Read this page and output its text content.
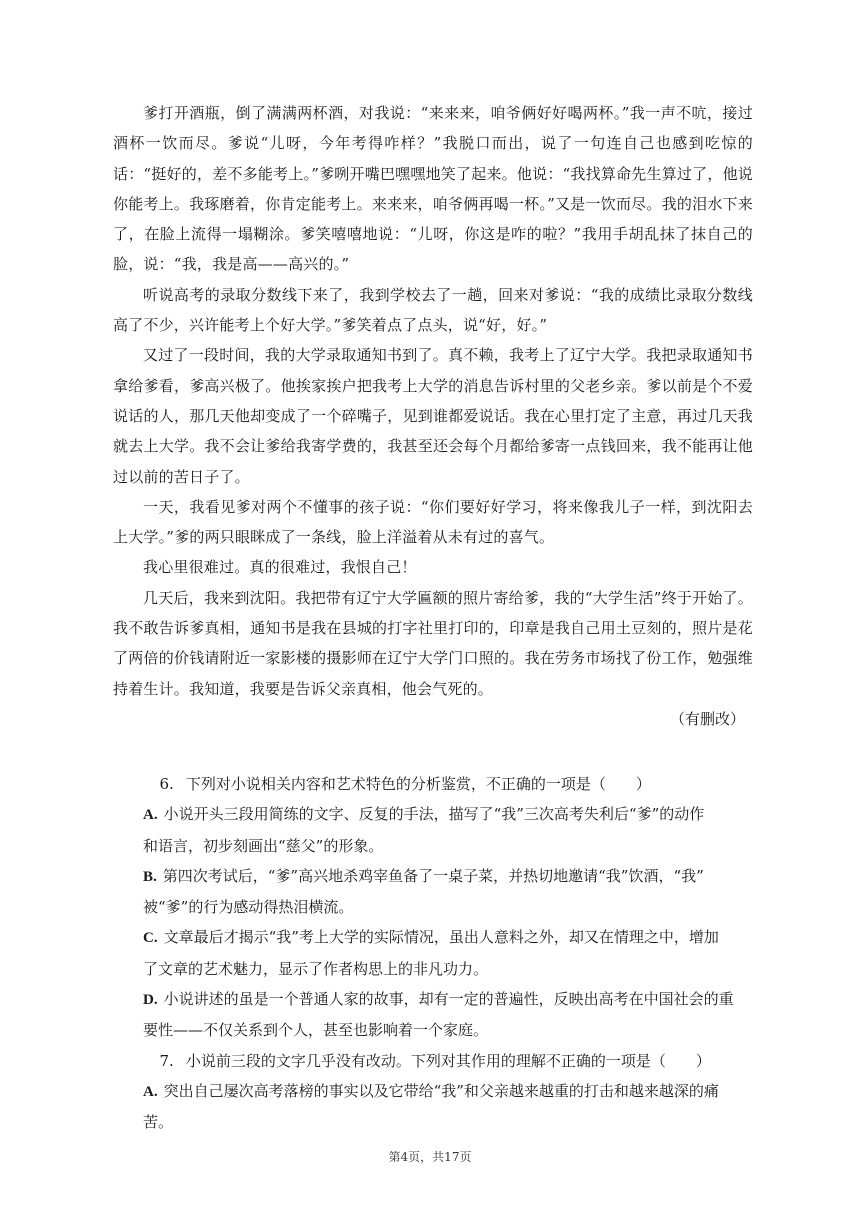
爹打开酒瓶，倒了满满两杯酒，对我说：“来来来，咱爷俩好好喝两杯。”我一声不吭，接过酒杯一饮而尽。爹说“儿呀，今年考得咋样？”我脱口而出，说了一句连自己也感到吃惊的话：“挺好的，差不多能考上。”爹咧开嘴巴嘿嘿地笑了起来。他说：“我找算命先生算过了，他说你能考上。我琢磨着，你肯定能考上。来来来，咱爷俩再喝一杯。”又是一饮而尽。我的泪水下来了，在脸上流得一塌糊涂。爹笑嘻嘻地说：“儿呀，你这是咋的啦？”我用手胡乱抹了抹自己的脸，说：“我，我是高——高兴的。”

听说高考的录取分数线下来了，我到学校去了一趟，回来对爹说：“我的成绩比录取分数线高了不少，兴许能考上个好大学。”爹笑着点了点头，说“好，好。”

又过了一段时间，我的大学录取通知书到了。真不赖，我考上了辽宁大学。我把录取通知书拿给爹看，爹高兴极了。他挨家挨户把我考上大学的消息告诉村里的父老乡亲。爹以前是个不爱说话的人，那几天他却变成了一个碎嘴子，见到谁都爱说话。我在心里打定了主意，再过几天我就去上大学。我不会让爹给我寄学费的，我甚至还会每个月都给爹寄一点钱回来，我不能再让他过以前的苦日子了。

一天，我看见爹对两个不懂事的孩子说：“你们要好好学习，将来像我儿子一样，到沈阳去上大学。”爹的两只眼眯成了一条线，脸上洋溢着从未有过的喜气。

我心里很难过。真的很难过，我恨自己！

几天后，我来到沈阳。我把带有辽宁大学匾额的照片寄给爹，我的“大学生活”终于开始了。我不敢告诉爹真相，通知书是我在县城的打字社里打印的，印章是我自己用土豆刻的，照片是花了两倍的价钱请附近一家影楼的摄影师在辽宁大学门口照的。我在劳务市场找了份工作，勉强维持着生计。我知道，我要是告诉父亲真相，他会气死的。

（有删改）

6. 下列对小说相关内容和艺术特色的分析鉴赏，不正确的一项是（　　）

A. 小说开头三段用简练的文字、反复的手法，描写了“我”三次高考失利后“爹”的动作

和语言，初步刻画出“慈父”的形象。

B. 第四次考试后，“爹”高兴地杀鸡宰鱼备了一桌子菜，并热切地邀请“我”饮酒，“我”

被“爹”的行为感动得热泪横流。

C. 文章最后才揭示“我”考上大学的实际情况，虽出人意料之外，却又在情理之中，增加

了文章的艺术魅力，显示了作者构思上的非凡功力。

D. 小说讲述的虽是一个普通人家的故事，却有一定的普遍性，反映出高考在中国社会的重

要性——不仅关系到个人，甚至也影响着一个家庭。

7. 小说前三段的文字几乎没有改动。下列对其作用的理解不正确的一项是（　　）

A. 突出自己屡次高考落榜的事实以及它带给“我”和父亲越来越重的打击和越来越深的痛

苦。

第4页，共17页
